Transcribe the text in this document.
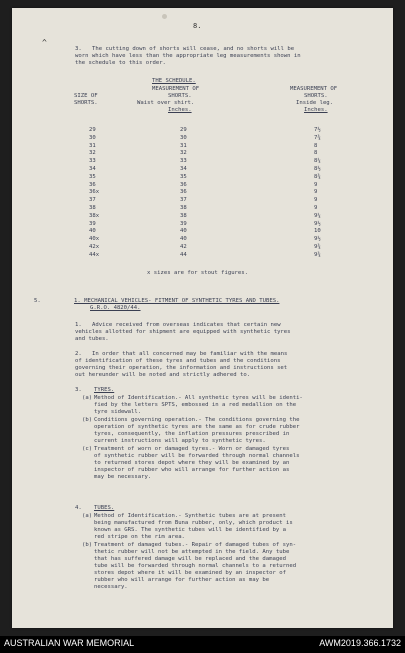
8.
^
3. The cutting down of shorts will cease, and no shorts will be
worn which have less than the appropriate leg measurements shown in
the schedule to this order.
THE SCHEDULE.
SIZE OF
SHORTS.
MEASUREMENT OF
SHORTS.
Waist over shirt.
Inches.
MEASUREMENT OF
SHORTS.
Inside leg.
Inches.
29	29	7½
30	30	7¾
31	31	8
32	32	8
33	33	8¼
34	34	8½
35	35	8¾
36	36	9
36x	36	9
37	37	9
38	38	9
38x	38	9¼
39	39	9½
40	40	10
40x	40	9½
42x	42	9¾
44x	44	9¾
x sizes are for stout figures.
5.	1. MECHANICAL VEHICLES- FITMENT OF SYNTHETIC TYRES AND TUBES.
G.R.O. 4820/44.
1. Advice received from overseas indicates that certain new
vehicles allotted for shipment are equipped with synthetic tyres
and tubes.
2. In order that all concerned may be familiar with the means
of identification of these tyres and tubes and the conditions
governing their operation, the information and instructions set
out hereunder will be noted and strictly adhered to.
3. TYRES.
(a) Method of Identification.- All synthetic tyres will be identi-
fied by the letters SPTS, embossed in a red medallion on the
tyre sidewall.
(b) Conditions governing operation.- The conditions governing the
operation of synthetic tyres are the same as for crude rubber
tyres, consequently, the inflation pressures prescribed in
current instructions will apply to synthetic tyres.
(c) Treatment of worn or damaged tyres.- Worn or damaged tyres
of synthetic rubber will be forwarded through normal channels
to returned stores depot where they will be examined by an
inspector of rubber who will arrange for further action as
may be necessary.
4. TUBES.
(a) Method of Identification.- Synthetic tubes are at present
being manufactured from Buna rubber, only, which product is
known as GRS. The synthetic tubes will be identified by a
red stripe on the rim area.
(b) Treatment of damaged tubes.- Repair of damaged tubes of syn-
thetic rubber will not be attempted in the field. Any tube
that has suffered damage will be replaced and the damaged
tube will be forwarded through normal channels to a returned
stores depot where it will be examined by an inspector of
rubber who will arrange for further action as may be
necessary.
AUSTRALIAN WAR MEMORIAL	AWM2019.366.1732
